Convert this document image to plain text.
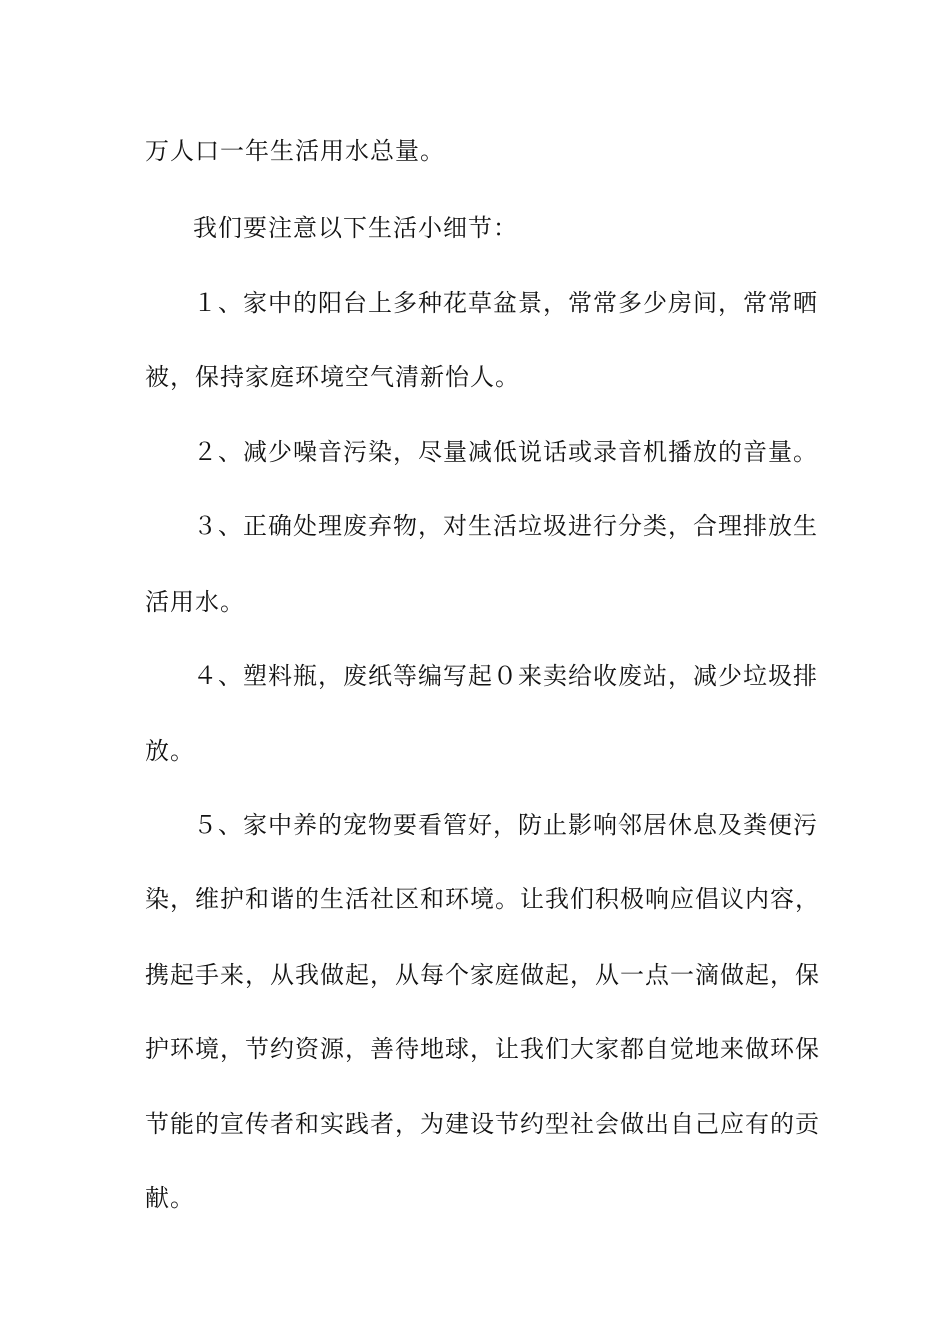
万人口一年生活用水总量。
我们要注意以下生活小细节：
１、家中的阳台上多种花草盆景，常常多少房间，常常晒
被，保持家庭环境空气清新怡人。
２、减少噪音污染，尽量减低说话或录音机播放的音量。
３、正确处理废弃物，对生活垃圾进行分类，合理排放生
活用水。
４、塑料瓶，废纸等编写起０来卖给收废站，减少垃圾排
放。
５、家中养的宠物要看管好，防止影响邻居休息及粪便污
染，维护和谐的生活社区和环境。让我们积极响应倡议内容，
携起手来，从我做起，从每个家庭做起，从一点一滴做起，保
护环境，节约资源，善待地球，让我们大家都自觉地来做环保
节能的宣传者和实践者，为建设节约型社会做出自己应有的贡
献。
